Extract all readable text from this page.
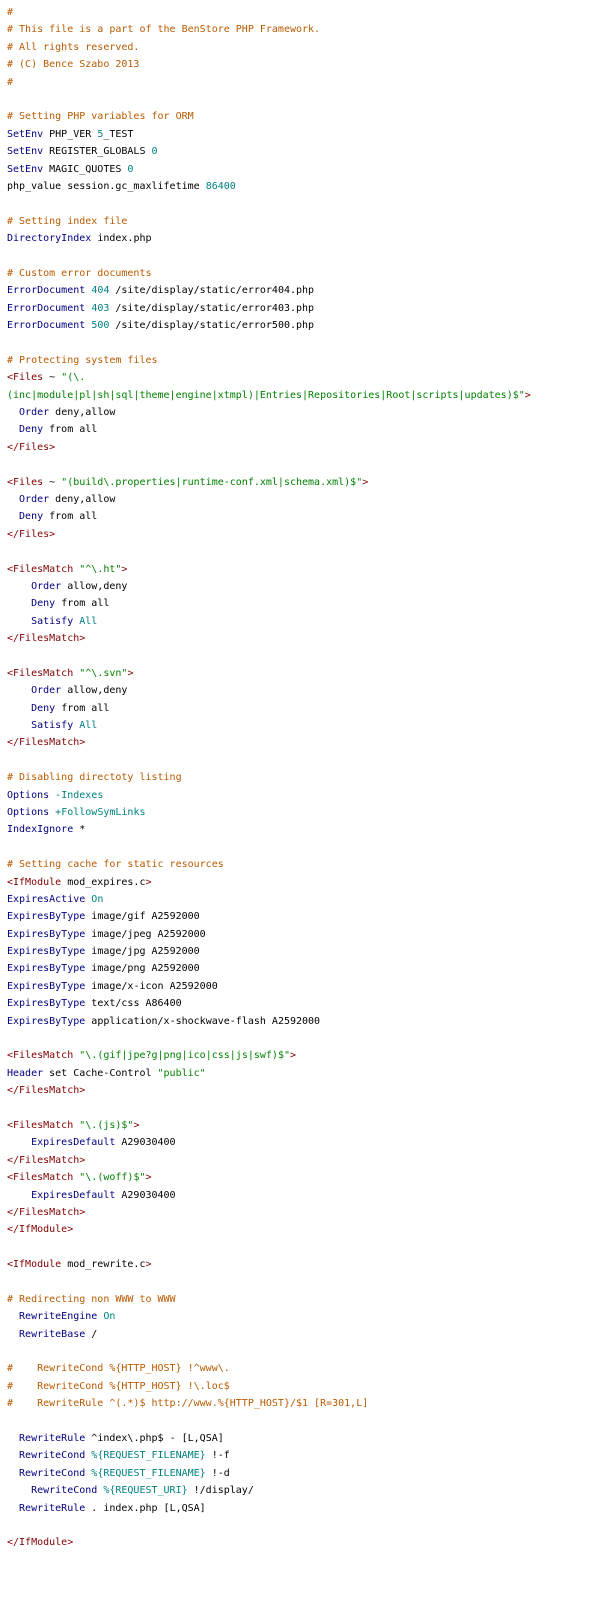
#
# This file is a part of the BenStore PHP Framework.
# All rights reserved.
# (C) Bence Szabo 2013
#

# Setting PHP variables for ORM
SetEnv PHP_VER 5_TEST
SetEnv REGISTER_GLOBALS 0
SetEnv MAGIC_QUOTES 0
php_value session.gc_maxlifetime 86400

# Setting index file
DirectoryIndex index.php

# Custom error documents
ErrorDocument 404 /site/display/static/error404.php
ErrorDocument 403 /site/display/static/error403.php
ErrorDocument 500 /site/display/static/error500.php

# Protecting system files
<Files ~ "(\.
(inc|module|pl|sh|sql|theme|engine|xtmpl)|Entries|Repositories|Root|scripts|updates)$">
Order deny,allow
Deny from all
</Files>

<Files ~ "(build\.properties|runtime-conf.xml|schema.xml)$">
Order deny,allow
Deny from all
</Files>

<FilesMatch "^\.ht">
Order allow,deny
Deny from all
Satisfy All
</FilesMatch>

<FilesMatch "^\.svn">
Order allow,deny
Deny from all
Satisfy All
</FilesMatch>

# Disabling directoty listing
Options -Indexes
Options +FollowSymLinks
IndexIgnore *

# Setting cache for static resources
<IfModule mod_expires.c>
ExpiresActive On
ExpiresByType image/gif A2592000
ExpiresByType image/jpeg A2592000
ExpiresByType image/jpg A2592000
ExpiresByType image/png A2592000
ExpiresByType image/x-icon A2592000
ExpiresByType text/css A86400
ExpiresByType application/x-shockwave-flash A2592000

<FilesMatch "\.(gif|jpe?g|png|ico|css|js|swf)$">
Header set Cache-Control "public"
</FilesMatch>

<FilesMatch "\.(js)$">
ExpiresDefault A29030400
</FilesMatch>
<FilesMatch "\.(woff)$">
ExpiresDefault A29030400
</FilesMatch>
</IfModule>

<IfModule mod_rewrite.c>

# Redirecting non WWW to WWW
RewriteEngine On
RewriteBase /

#    RewriteCond %{HTTP_HOST} !^www\.
#    RewriteCond %{HTTP_HOST} !\.loc$
#    RewriteRule ^(.*)$ http://www.%{HTTP_HOST}/$1 [R=301,L]

RewriteRule ^index\.php$ - [L,QSA]
RewriteCond %{REQUEST_FILENAME} !-f
RewriteCond %{REQUEST_FILENAME} !-d
RewriteCond %{REQUEST_URI} !/display/
RewriteRule . index.php [L,QSA]

</IfModule>
